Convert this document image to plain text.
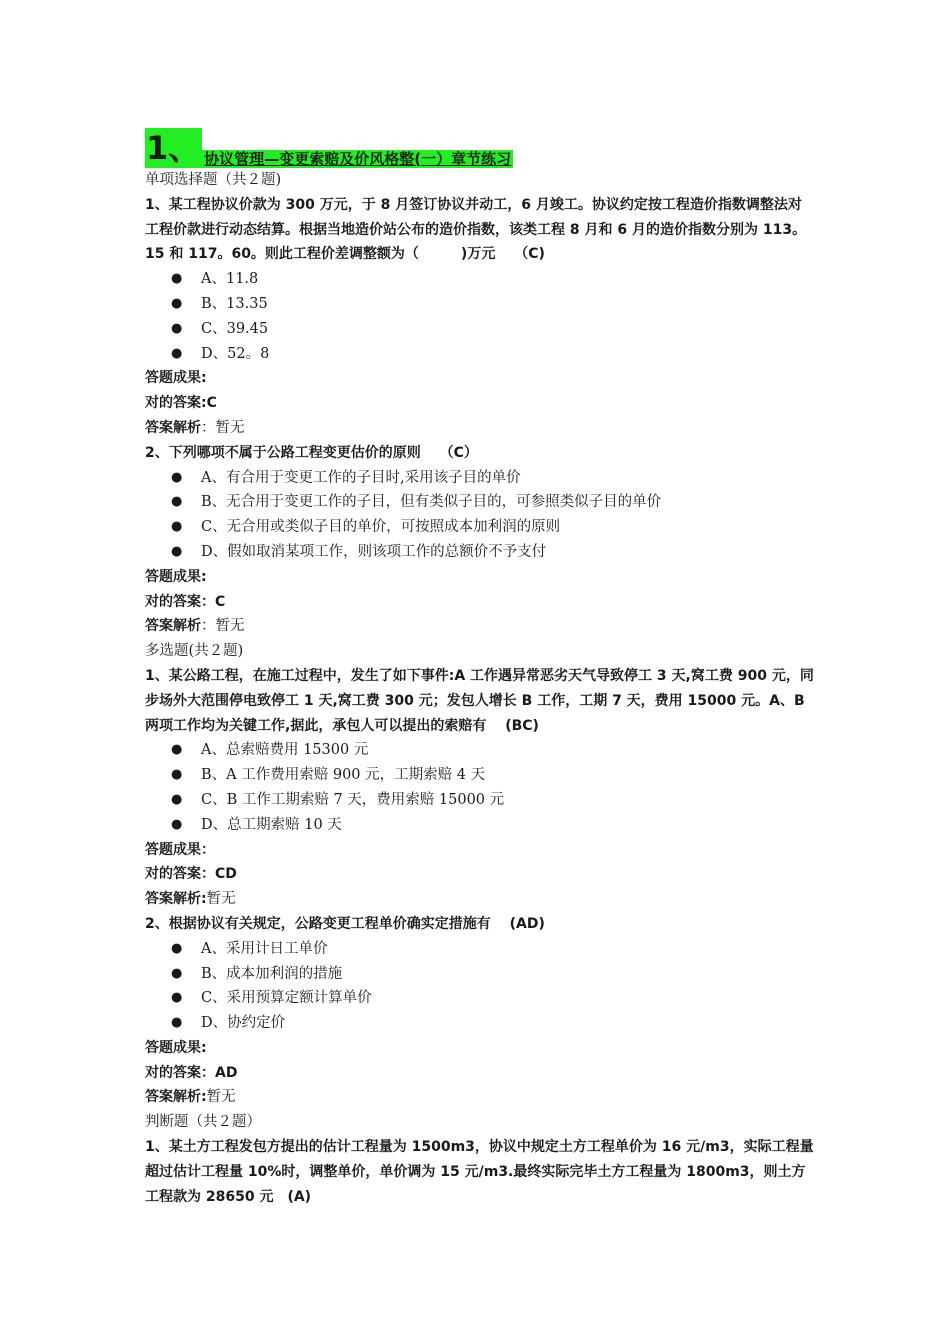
1、 协议管理—变更索赔及价风格整(一）章节练习
单项选择题（共２题)
1、某工程协议价款为 300 万元，于 8 月签订协议并动工，6 月竣工。协议约定按工程造价指数调整法对工程价款进行动态结算。根据当地造价站公布的造价指数，该类工程 8 月和 6 月的造价指数分别为 113。15 和 117。60。则此工程价差调整额为（　　　)万元　 （C)
● A、11.8
● B、13.35
● C、39.45
● D、52。8
答题成果:
对的答案:C
答案解析：暂无
2、下列哪项不属于公路工程变更估价的原则　 （C）
● A、有合用于变更工作的子目时,采用该子目的单价
● B、无合用于变更工作的子目，但有类似子目的，可参照类似子目的单价
● C、无合用或类似子目的单价，可按照成本加利润的原则
● D、假如取消某项工作，则该项工作的总额价不予支付
答题成果:
对的答案：C
答案解析：暂无
多选题(共２题)
1、某公路工程，在施工过程中，发生了如下事件:A 工作遇异常恶劣天气导致停工 3 天,窝工费 900 元，同步场外大范围停电致停工 1 天,窝工费 300 元；发包人增长 B 工作，工期 7 天，费用 15000 元。A、B 两项工作均为关键工作,据此，承包人可以提出的索赔有　 (BC)
● A、总索赔费用 15300 元
● B、A 工作费用索赔 900 元，工期索赔 4 天
● C、B 工作工期索赔 7 天，费用索赔 15000 元
● D、总工期索赔 10 天
答题成果：
对的答案：CD
答案解析:暂无
2、根据协议有关规定，公路变更工程单价确实定措施有　 (AD)
● A、采用计日工单价
● B、成本加利润的措施
● C、采用预算定额计算单价
● D、协约定价
答题成果:
对的答案：AD
答案解析:暂无
判断题（共２题）
1、某土方工程发包方提出的估计工程量为 1500m3，协议中规定土方工程单价为 16 元/m3，实际工程量超过估计工程量 10%时，调整单价，单价调为 15 元/m3.最终实际完毕土方工程量为 1800m3，则土方工程款为 28650 元　(A)
